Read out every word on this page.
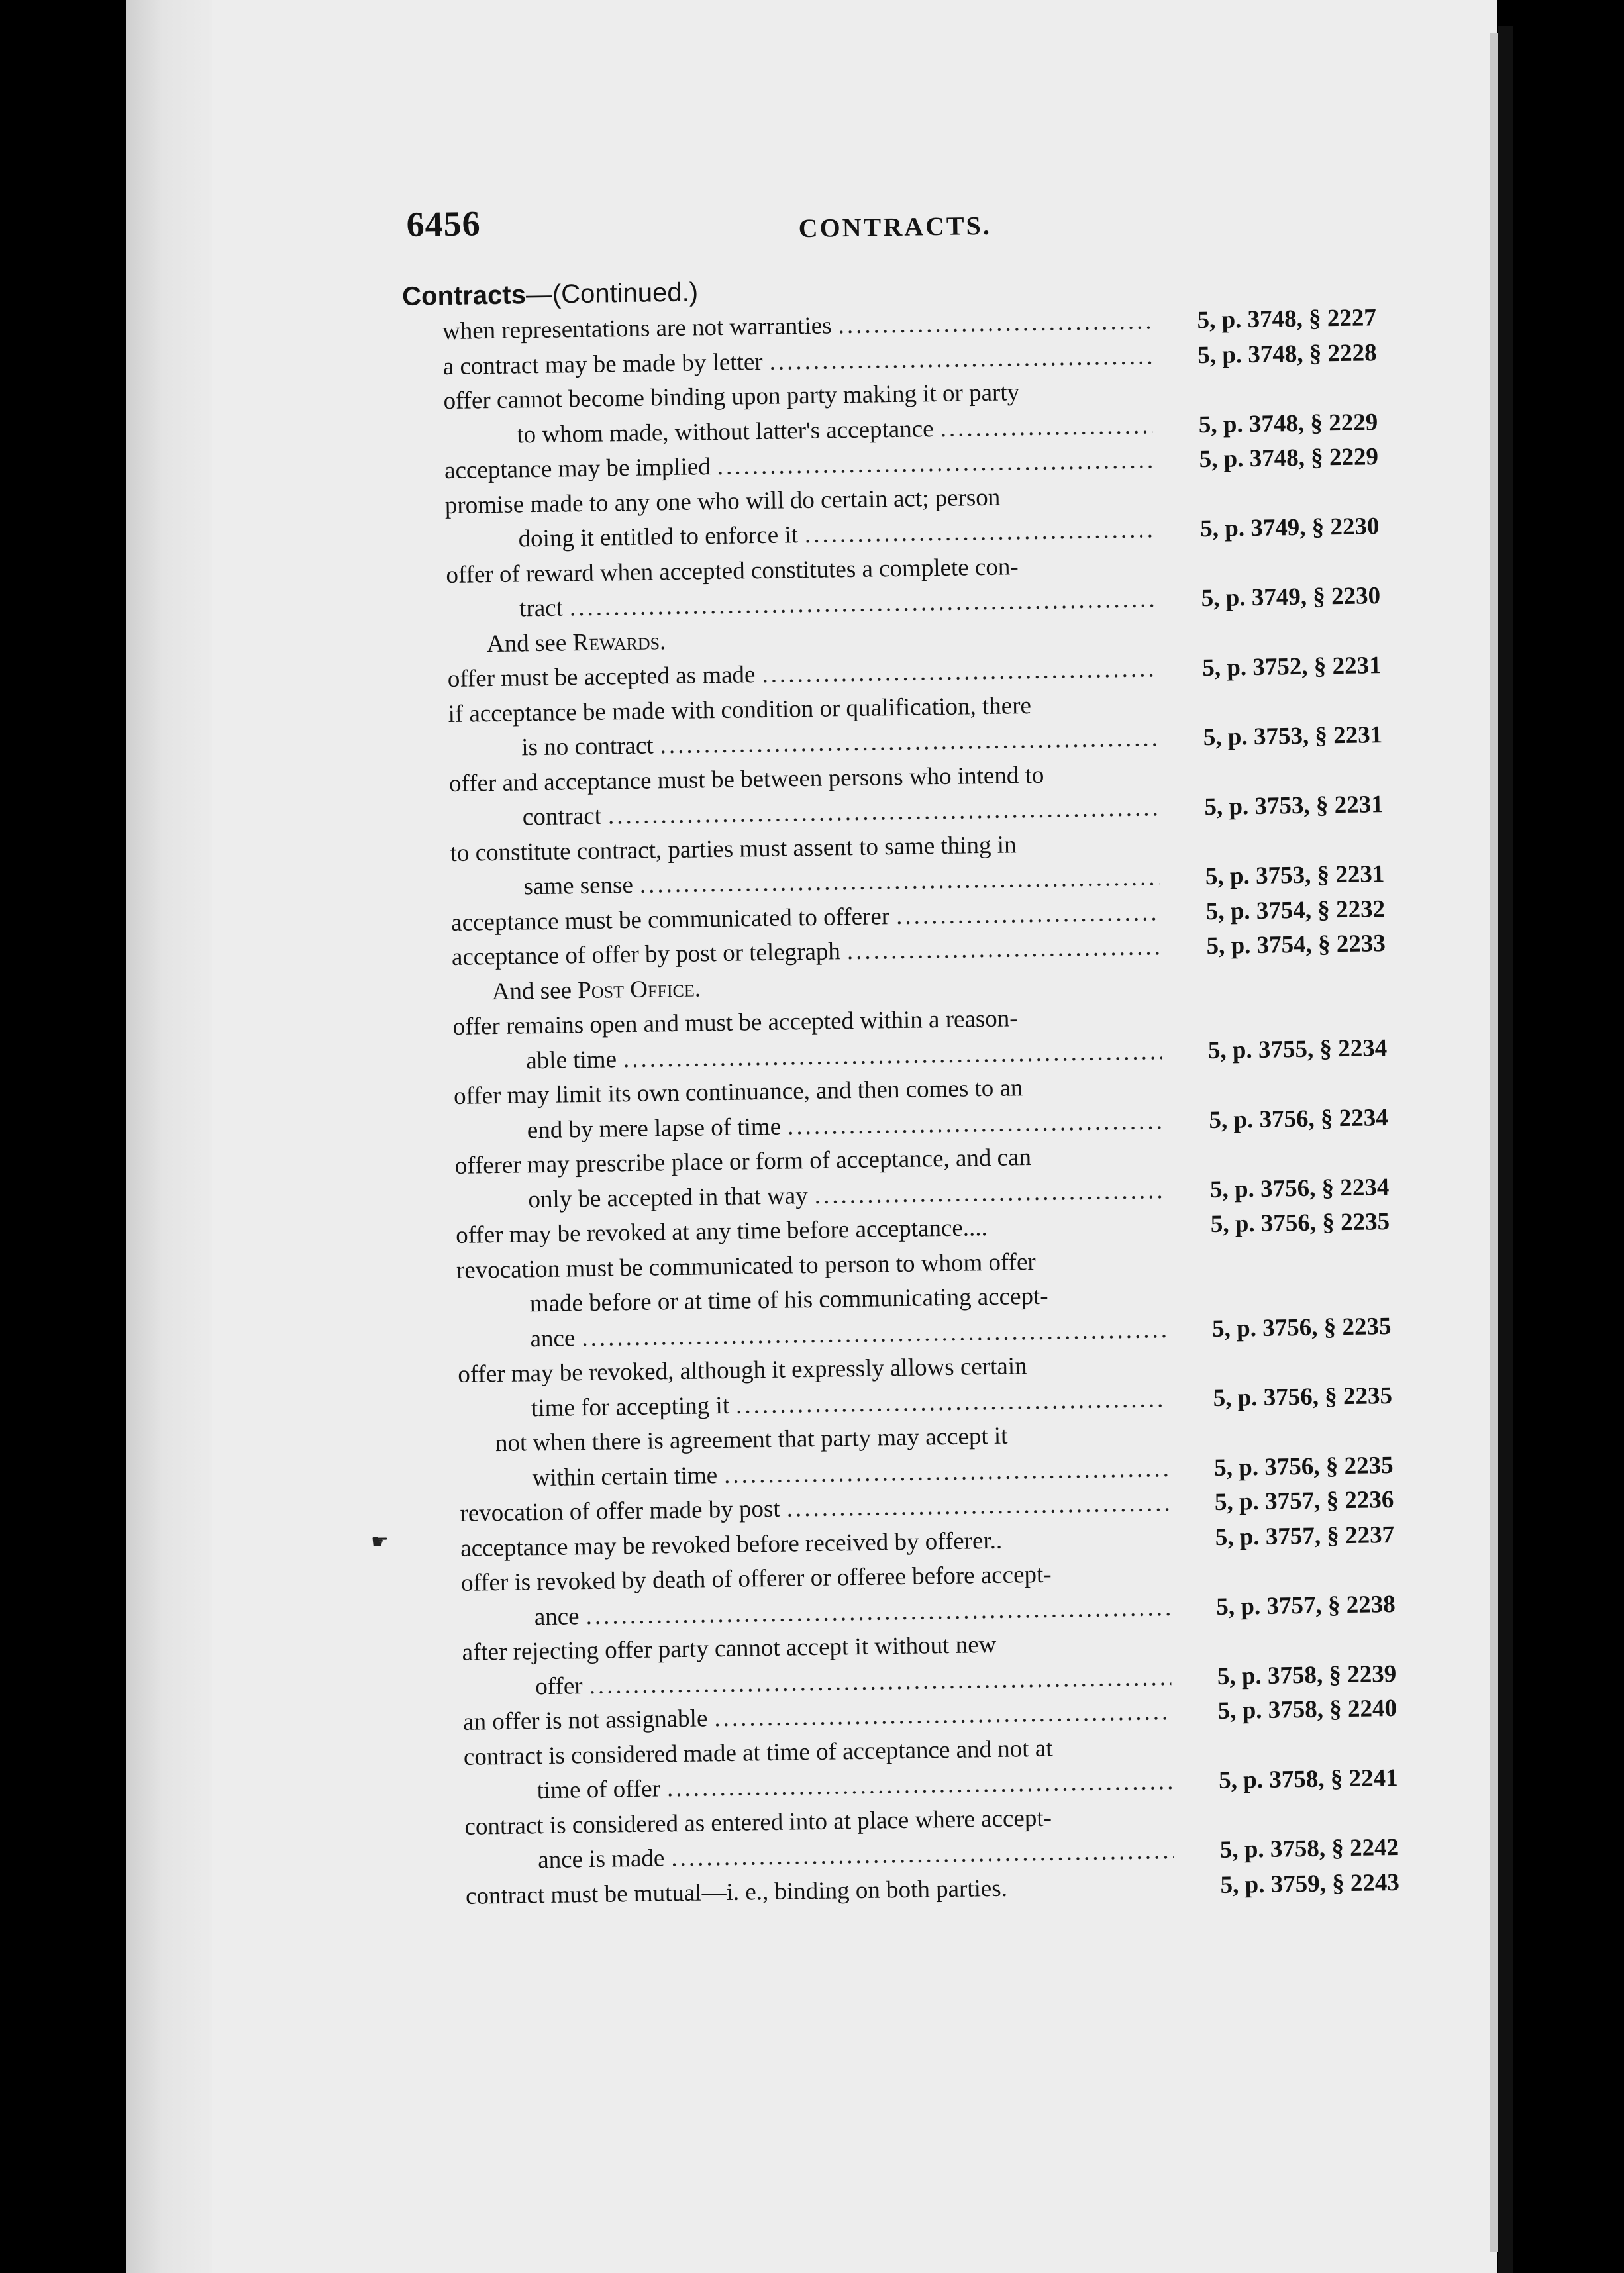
6456	CONTRACTS.
Contracts—(Continued.)
when representations are not warranties .....	5, p. 3748, § 2227
a contract may be made by letter .....	5, p. 3748, § 2228
offer cannot become binding upon party making it or party
to whom made, without latter's acceptance .....	5, p. 3748, § 2229
acceptance may be implied .....	5, p. 3748, § 2229
promise made to any one who will do certain act; person
doing it entitled to enforce it .....	5, p. 3749, § 2230
offer of reward when accepted constitutes a complete con-
tract .....	5, p. 3749, § 2230
And see
Rewards.
offer must be accepted as made .....	5, p. 3752, § 2231
if acceptance be made with condition or qualification, there
is no contract .....	5, p. 3753, § 2231
offer and acceptance must be between persons who intend to
contract .....	5, p. 3753, § 2231
to constitute contract, parties must assent to same thing in
same sense .....	5, p. 3753, § 2231
acceptance must be communicated to offerer .....	5, p. 3754, § 2232
acceptance of offer by post or telegraph .....	5, p. 3754, § 2233
And see
Post Office.
offer remains open and must be accepted within a reason-
able time .....	5, p. 3755, § 2234
offer may limit its own continuance, and then comes to an
end by mere lapse of time .....	5, p. 3756, § 2234
offerer may prescribe place or form of acceptance, and can
only be accepted in that way .....	5, p. 3756, § 2234
offer may be revoked at any time before acceptance....	5, p. 3756, § 2235
revocation must be communicated to person to whom offer
made before or at time of his communicating accept-
ance .....	5, p. 3756, § 2235
offer may be revoked, although it expressly allows certain
time for accepting it .....	5, p. 3756, § 2235
not when there is agreement that party may accept it
within certain time .....	5, p. 3756, § 2235
revocation of offer made by post .....	5, p. 3757, § 2236
acceptance may be revoked before received by offerer..	5, p. 3757, § 2237
offer is revoked by death of offerer or offeree before accept-
ance .....	5, p. 3757, § 2238
after rejecting offer party cannot accept it without new
offer .....	5, p. 3758, § 2239
an offer is not assignable .....	5, p. 3758, § 2240
contract is considered made at time of acceptance and not at
time of offer .....	5, p. 3758, § 2241
contract is considered as entered into at place where accept-
ance is made .....	5, p. 3758, § 2242
contract must be mutual—i. e., binding on both parties.	5, p. 3759, § 2243
☛
